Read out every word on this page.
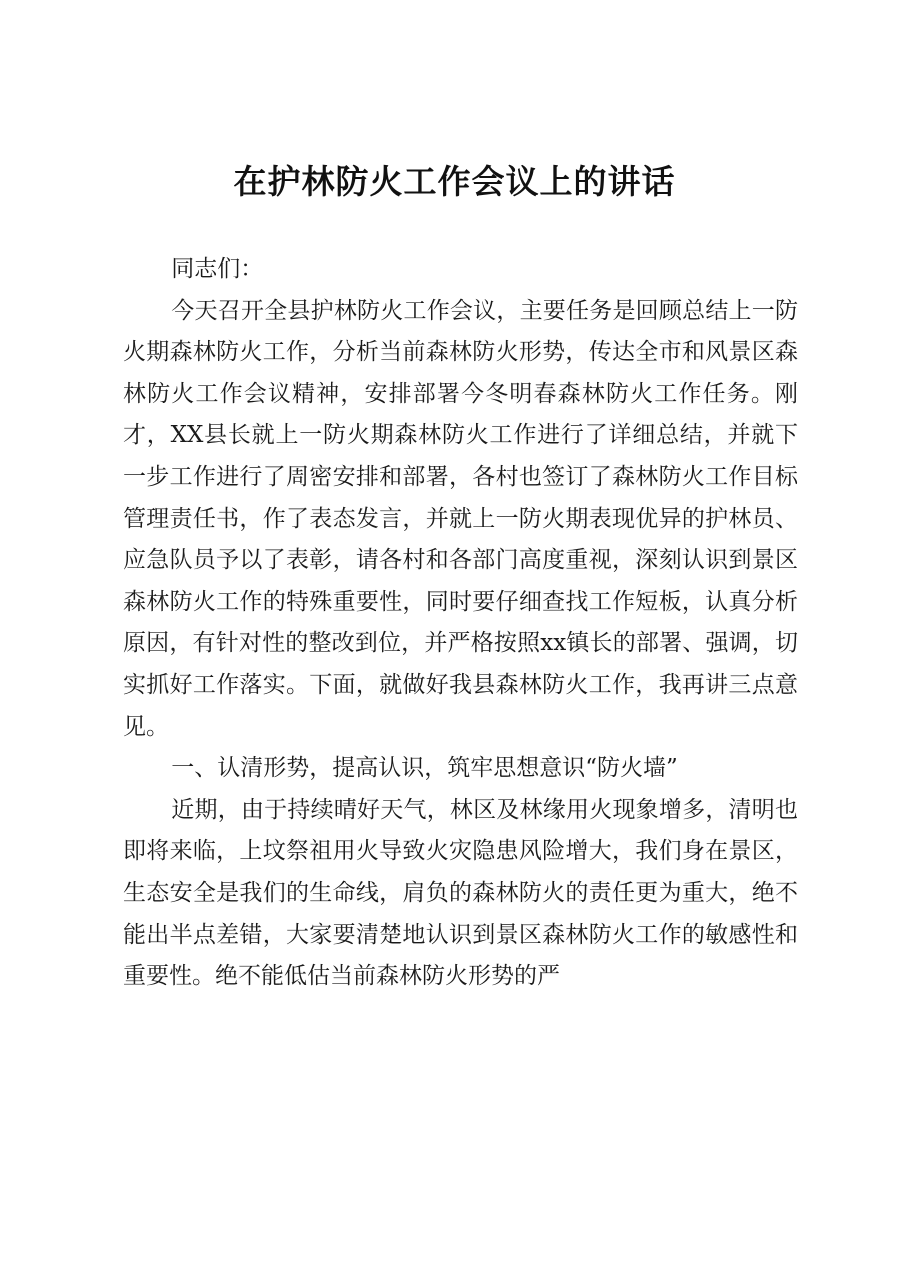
在护林防火工作会议上的讲话

同志们：

今天召开全县护林防火工作会议，主要任务是回顾总结上一防火期森林防火工作，分析当前森林防火形势，传达全市和风景区森林防火工作会议精神，安排部署今冬明春森林防火工作任务。刚才，XX县长就上一防火期森林防火工作进行了详细总结，并就下一步工作进行了周密安排和部署，各村也签订了森林防火工作目标管理责任书，作了表态发言，并就上一防火期表现优异的护林员、应急队员予以了表彰，请各村和各部门高度重视，深刻认识到景区森林防火工作的特殊重要性，同时要仔细查找工作短板，认真分析原因，有针对性的整改到位，并严格按照xx镇长的部署、强调，切实抓好工作落实。下面，就做好我县森林防火工作，我再讲三点意见。

一、认清形势，提高认识，筑牢思想意识“防火墙”

近期，由于持续晴好天气，林区及林缘用火现象增多，清明也即将来临，上坟祭祖用火导致火灾隐患风险增大，我们身在景区，生态安全是我们的生命线，肩负的森林防火的责任更为重大，绝不能出半点差错，大家要清楚地认识到景区森林防火工作的敏感性和重要性。绝不能低估当前森林防火形势的严
